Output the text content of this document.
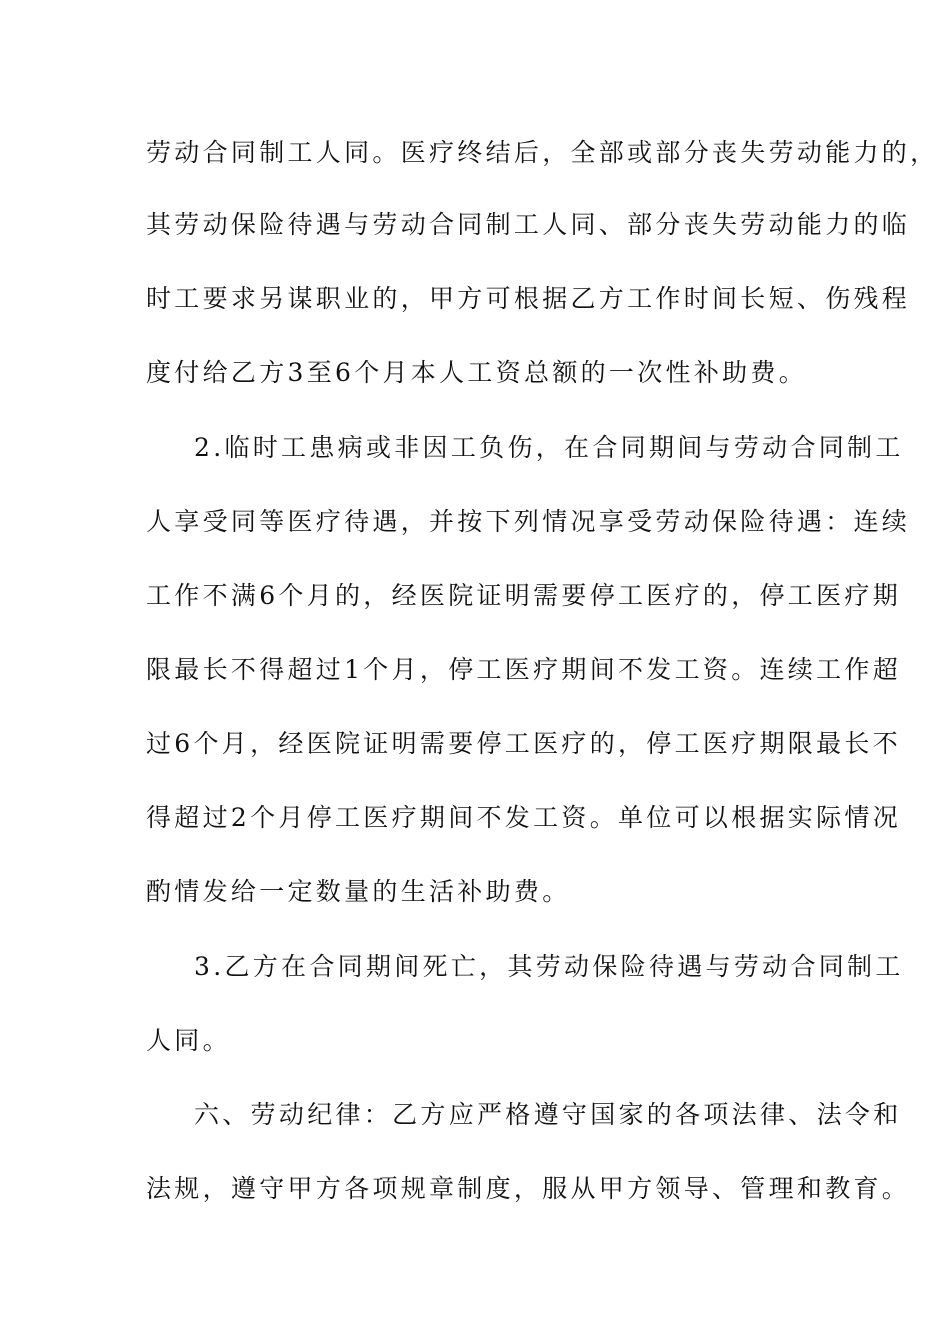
劳动合同制工人同。医疗终结后，全部或部分丧失劳动能力的，
其劳动保险待遇与劳动合同制工人同、部分丧失劳动能力的临
时工要求另谋职业的，甲方可根据乙方工作时间长短、伤残程
度付给乙方3至6个月本人工资总额的一次性补助费。
2.临时工患病或非因工负伤，在合同期间与劳动合同制工
人享受同等医疗待遇，并按下列情况享受劳动保险待遇：连续
工作不满6个月的，经医院证明需要停工医疗的，停工医疗期
限最长不得超过1个月，停工医疗期间不发工资。连续工作超
过6个月，经医院证明需要停工医疗的，停工医疗期限最长不
得超过2个月停工医疗期间不发工资。单位可以根据实际情况
酌情发给一定数量的生活补助费。
3.乙方在合同期间死亡，其劳动保险待遇与劳动合同制工
人同。
六、劳动纪律：乙方应严格遵守国家的各项法律、法令和
法规，遵守甲方各项规章制度，服从甲方领导、管理和教育。
